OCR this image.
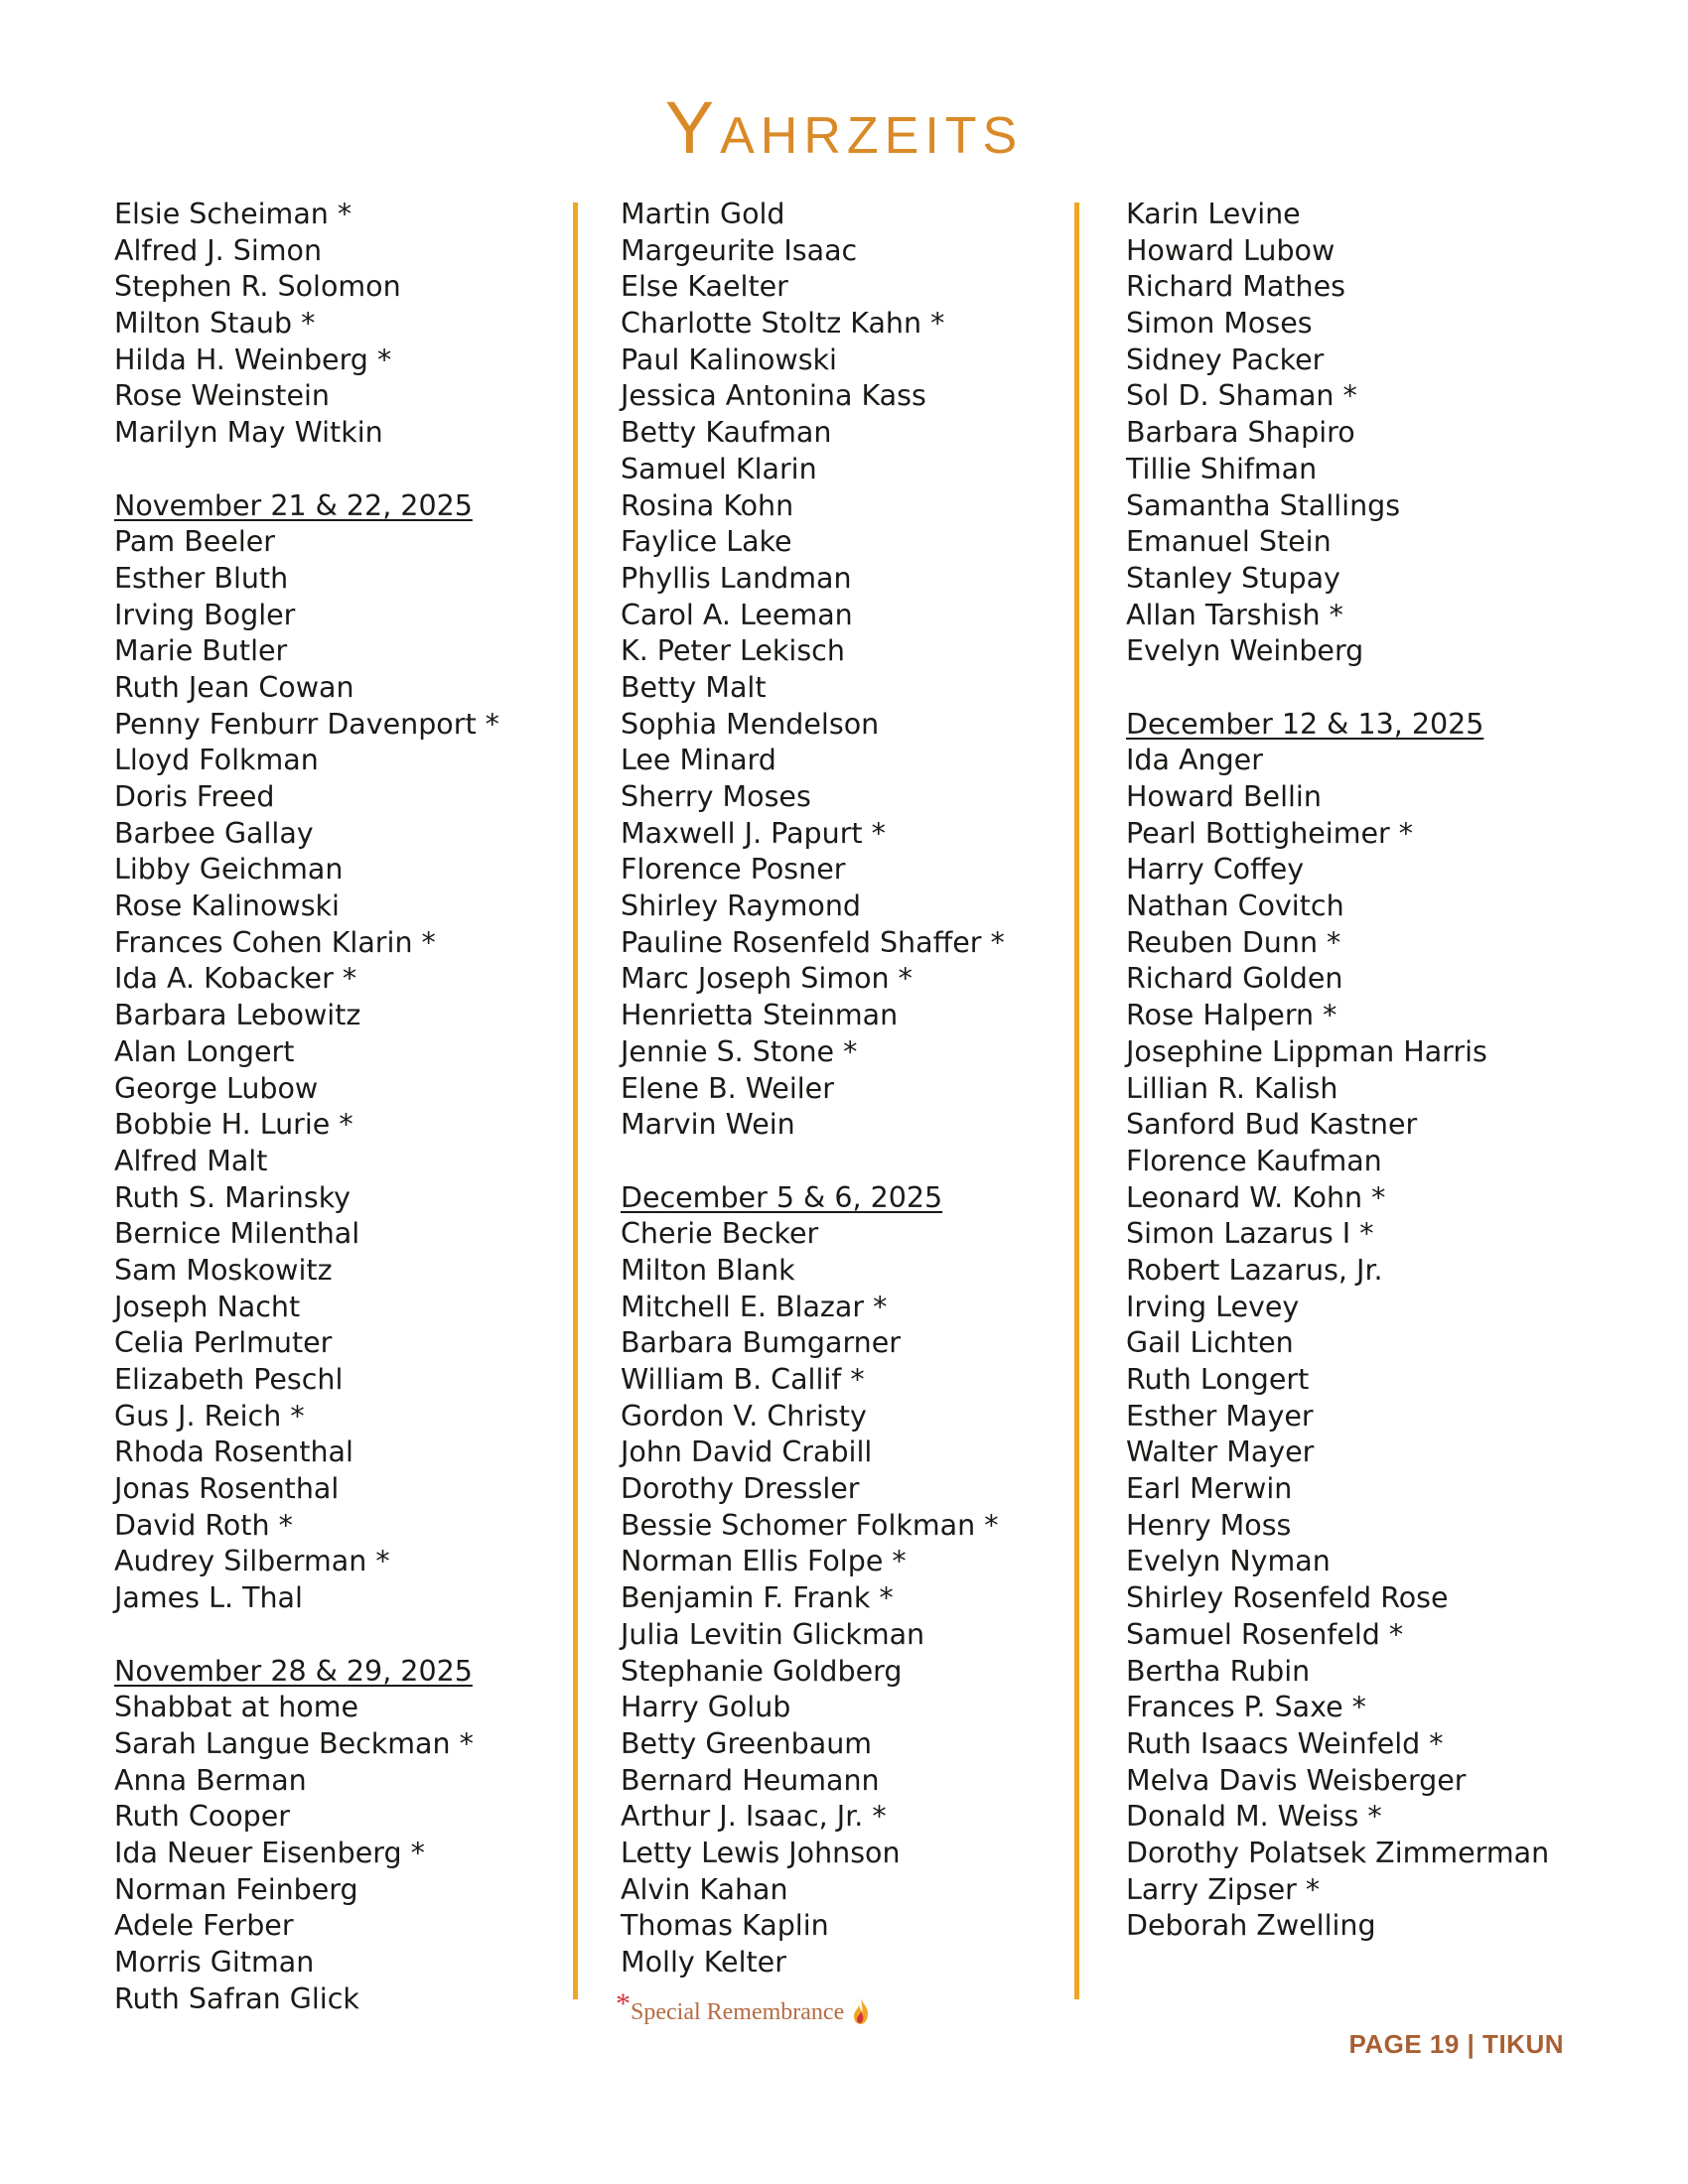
YAHRZEITS
Elsie Scheiman *
Alfred J. Simon
Stephen R. Solomon
Milton Staub *
Hilda H. Weinberg *
Rose Weinstein
Marilyn May Witkin
November 21 & 22, 2025
Pam Beeler
Esther Bluth
Irving Bogler
Marie Butler
Ruth Jean Cowan
Penny Fenburr Davenport *
Lloyd Folkman
Doris Freed
Barbee Gallay
Libby Geichman
Rose Kalinowski
Frances Cohen Klarin *
Ida A. Kobacker *
Barbara Lebowitz
Alan Longert
George Lubow
Bobbie H. Lurie *
Alfred Malt
Ruth S. Marinsky
Bernice Milenthal
Sam Moskowitz
Joseph Nacht
Celia Perlmuter
Elizabeth Peschl
Gus J. Reich *
Rhoda Rosenthal
Jonas Rosenthal
David Roth *
Audrey Silberman *
James L. Thal
November 28 & 29, 2025
Shabbat at home
Sarah Langue Beckman *
Anna Berman
Ruth Cooper
Ida Neuer Eisenberg *
Norman Feinberg
Adele Ferber
Morris Gitman
Ruth Safran Glick
Martin Gold
Margeurite Isaac
Else Kaelter
Charlotte Stoltz Kahn *
Paul Kalinowski
Jessica Antonina Kass
Betty Kaufman
Samuel Klarin
Rosina Kohn
Faylice Lake
Phyllis Landman
Carol A. Leeman
K. Peter Lekisch
Betty Malt
Sophia Mendelson
Lee Minard
Sherry Moses
Maxwell J. Papurt *
Florence Posner
Shirley Raymond
Pauline Rosenfeld Shaffer *
Marc Joseph Simon *
Henrietta Steinman
Jennie S. Stone *
Elene B. Weiler
Marvin Wein
December 5 & 6, 2025
Cherie Becker
Milton Blank
Mitchell E. Blazar *
Barbara Bumgarner
William B. Callif *
Gordon V. Christy
John David Crabill
Dorothy Dressler
Bessie Schomer Folkman *
Norman Ellis Folpe *
Benjamin F. Frank *
Julia Levitin Glickman
Stephanie Goldberg
Harry Golub
Betty Greenbaum
Bernard Heumann
Arthur J. Isaac, Jr. *
Letty Lewis Johnson
Alvin Kahan
Thomas Kaplin
Molly Kelter
Karin Levine
Howard Lubow
Richard Mathes
Simon Moses
Sidney Packer
Sol D. Shaman *
Barbara Shapiro
Tillie Shifman
Samantha Stallings
Emanuel Stein
Stanley Stupay
Allan Tarshish *
Evelyn Weinberg
December 12 & 13, 2025
Ida Anger
Howard Bellin
Pearl Bottigheimer *
Harry Coffey
Nathan Covitch
Reuben Dunn *
Richard Golden
Rose Halpern *
Josephine Lippman Harris
Lillian R. Kalish
Sanford Bud Kastner
Florence Kaufman
Leonard W. Kohn *
Simon Lazarus I *
Robert Lazarus, Jr.
Irving Levey
Gail Lichten
Ruth Longert
Esther Mayer
Walter Mayer
Earl Merwin
Henry Moss
Evelyn Nyman
Shirley Rosenfeld Rose
Samuel Rosenfeld *
Bertha Rubin
Frances P. Saxe *
Ruth Isaacs Weinfeld *
Melva Davis Weisberger
Donald M. Weiss *
Dorothy Polatsek Zimmerman
Larry Zipser *
Deborah Zwelling
*Special Remembrance
PAGE 19 | TIKUN
